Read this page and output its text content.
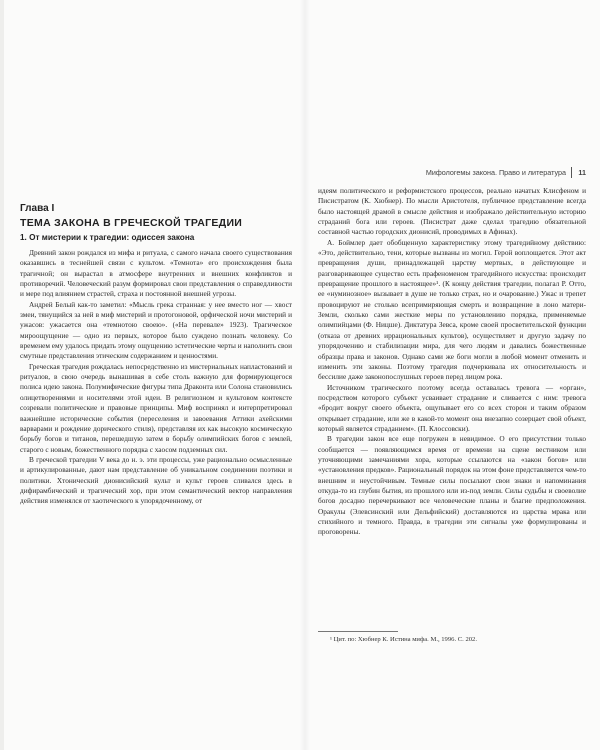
Глава I
ТЕМА ЗАКОНА В ГРЕЧЕСКОЙ ТРАГЕДИИ
1. От мистерии к трагедии: одиссея закона

Древний закон рождался из мифа и ритуала, с самого начала своего существования оказавшись в теснейшей связи с культом. «Темнота» его происхождения была трагичной; он вырастал в атмосфере внутренних и внешних конфликтов и противоречий. Человеческий разум формировал свои представления о справедливости и мере под влиянием страстей, страха и постоянной внешней угрозы.

Андрей Белый как-то заметил: «Мысль грека странная: у нее вместо ног — хвост змеи, тянущийся за ней в миф мистерий и протогоновой, орфической ночи мистерий и ужасов: ужасается она «темнотою своею». («На перевале» 1923). Трагическое мироощущение — одно из первых, которое было суждено познать человеку. Со временем ему удалось придать этому ощущению эстетические черты и наполнить свои смутные представления этическим содержанием и ценностями.

Греческая трагедия рождалась непосредственно из мистериальных напластований и ритуалов, в свою очередь вынашивая в себе столь важную для формирующегося полиса идею закона. Полумифические фигуры типа Драконта или Солона становились олицетворениями и носителями этой идеи. В религиозном и культовом контексте созревали политические и правовые принципы. Миф воспринял и интерпретировал важнейшие исторические события (переселения и завоевания Аттики ахейскими варварами и рождение дорического стиля), представляя их как высокую космическую борьбу богов и титанов, перешедшую затем в борьбу олимпийских богов с землей, старого с новым, божественного порядка с хаосом подземных сил.

В греческой трагедии V века до н. э. эти процессы, уже рационально осмысленные и артикулированные, дают нам представление об уникальном соединении поэтики и политики. Хтонический дионисийский культ и культ героев сливался здесь в дифирамбический и трагический хор, при этом семантический вектор направления действия изменялся от хаотического к упорядоченному, от

Мифологемы закона. Право и литература 11

идеям политического и реформистского процессов, реально начатых Клисфеном и Писистратом (К. Хюбнер). По мысли Аристотеля, публичное представление всегда было настоящей драмой в смысле действия и изображало действительную историю страданий бога или героев. (Писистрат даже сделал трагедию обязательной составной частью городских дионисий, проводимых в Афинах).

А. Боймлер дает обобщенную характеристику этому трагедийному действию: «Это, действительно, тени, которые вызваны из могил. Герой воплощается. Этот акт превращения души, принадлежащей царству мертвых, в действующее и разговаривающее существо есть прафеноменом трагедийного искусства: происходит превращение прошлого в настоящее»¹. (К концу действия трагедии, полагал Р. Отто, ее «нуминозное» вызывает в душе не только страх, но и очарование.) Ужас и трепет провоцируют не столько всепримиряющая смерть и возвращение в лоно матери-Земли, сколько сами жесткие меры по установлению порядка, применяемые олимпийцами (Ф. Ницше). Диктатура Зевса, кроме своей просветительской функции (отказа от древних иррациональных культов), осуществляет и другую задачу по упорядочению и стабилизации мира, для чего людям и давались божественные образцы права и законов. Однако сами же боги могли в любой момент отменить и изменить эти законы. Поэтому трагедия подчеркивала их относительность и бессилие даже законопослушных героев перед лицом рока.

Источником трагического поэтому всегда оставалась тревога — «орган», посредством которого субъект усваивает страдание и сливается с ним: тревога «бродит вокруг своего объекта, ощупывает его со всех сторон и таким образом открывает страдание, или же в какой-то момент она внезапно созерцает свой объект, который является страданием». (П. Клоссовски).

В трагедии закон все еще погружен в невидимое. О его присутствии только сообщается — появляющимся время от времени на сцене вестником или уточняющими замечаниями хора, которые ссылаются на «закон богов» или «установления предков». Рациональный порядок на этом фоне представляется чем-то внешним и неустойчивым. Темные силы посылают свои знаки и напоминания откуда-то из глубин бытия, из прошлого или из-под земли. Силы судьбы и своеволие богов досадно перечеркивают все человеческие планы и благие предположения. Оракулы (Элевсинский или Дельфийский) доставляются из царства мрака или стихийного и темного. Правда, в трагедии эти сигналы уже формулированы и проговорены.

¹ Цит. по: Хюбнер К. Истина мифа. М., 1996. С. 202.
